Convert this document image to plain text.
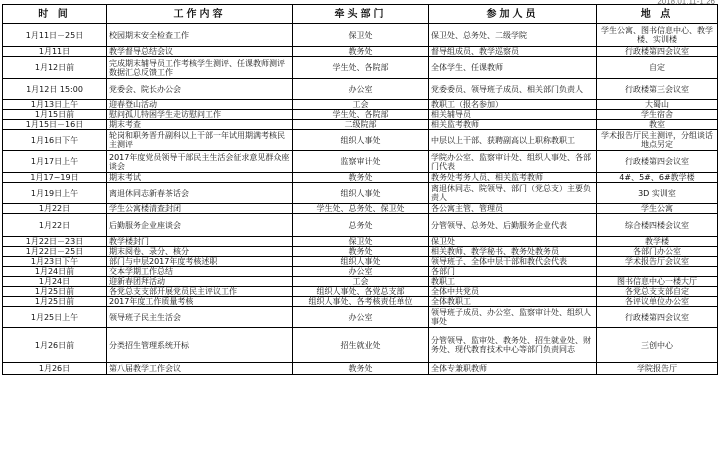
2018.01.11-1.26
时 间	工作内容	牵头部门	参加人员	地 点
1月11日－25日	校园期末安全检查工作	保卫处	保卫处、总务处、二级学院	学生公寓、图书信息中心、教学楼、实训楼
1月11日	教学督导总结会议	教务处	督导组成员、教学巡察员	行政楼第四会议室
1月12日前	完成期末辅导员工作考核学生测评、任课教师测评数据汇总反馈工作	学生处、各院部	全体学生、任课教师	自定
1月12日 15:00	党委会、院长办公会	办公室	党委委员、领导班子成员、相关部门负责人	行政楼第三会议室
1月13日上午	迎春登山活动	工会	教职工（报名参加）	大蜀山
1月15日前	慰问孤儿特困学生走访慰问工作	学生处、各院部	相关辅导员	学生宿舍
1月15日－16日	期末考查	二级院部	相关监考教师	教室
1月16日下午	轮岗和职务晋升副科以上干部一年试用期满考核民主测评	组织人事处	中层以上干部、获聘副高以上职称教职工	学术报告厅民主测评，分组谈话地点另定
1月17日上午	2017年度党员领导干部民主生活会征求意见群众座谈会	监察审计处	学院办公室、监察审计处、组织人事处、各部门代表	行政楼第四会议室
1月17~19日	期末考试	教务处	教务处考务人员、相关监考教师	4#、5#、6#教学楼
1月19日上午	离退休同志新春茶话会	组织人事处	离退休同志、院领导、部门（党总支）主要负责人	3D 实训室
1月22日	学生公寓楼清查封闭	学生处、总务处、保卫处	各公寓主管、管理员	学生公寓
1月22日	后勤服务企业座谈会	总务处	分管领导、总务处、后勤服务企业代表	综合楼四楼会议室
1月22日－23日	教学楼封门	保卫处	保卫处	教学楼
1月22日－25日	期末阅卷、录分、核分	教务处	相关教师、教学秘书、教务处教务员	各部门办公室
1月23日下午	部门与中层2017年度考核述职	组织人事处	领导班子、全体中层干部和教代会代表	学术报告厅会议室
1月24日前	交本学期工作总结	办公室	各部门	
1月24日	迎新春团拜活动	工会	教职工	图书信息中心一楼大厅
1月25日前	各党总支支部开展党员民主评议工作	组织人事处、各党总支部	全体中共党员	各党总支支部自定
1月25日前	2017年度工作质量考核	组织人事处、各考核责任单位	全体教职工	各评议单位办公室
1月25日上午	领导班子民主生活会	办公室	领导班子成员、办公室、监察审计处、组织人事处	行政楼第四会议室
1月26日前	分类招生管理系统开标	招生就业处	分管领导、监审处、教务处、招生就业处、财务处、现代教育技术中心等部门负责同志	三创中心
1月26日	第八届教学工作会议	教务处	全体专兼职教师	学院报告厅
